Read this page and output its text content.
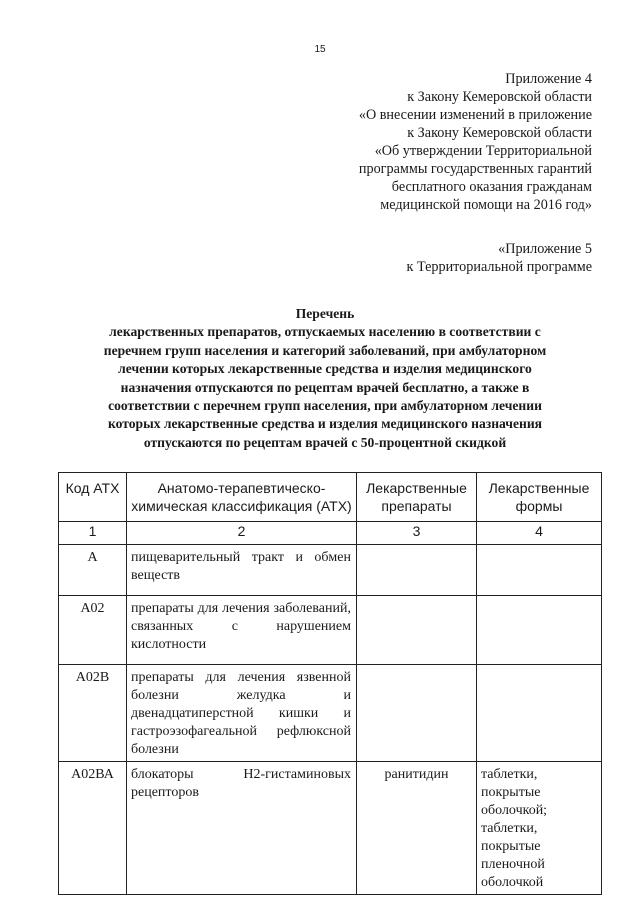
15
Приложение 4
к Закону Кемеровской области
«О внесении изменений в приложение
к Закону Кемеровской области
«Об утверждении Территориальной
программы государственных гарантий
бесплатного оказания гражданам
медицинской помощи на 2016 год»
«Приложение 5
к Территориальной программе
Перечень
лекарственных препаратов, отпускаемых населению в соответствии с
перечнем групп населения и категорий заболеваний, при амбулаторном
лечении которых лекарственные средства и изделия медицинского
назначения отпускаются по рецептам врачей бесплатно, а также в
соответствии с перечнем групп населения, при амбулаторном лечении
которых лекарственные средства и изделия медицинского назначения
отпускаются по рецептам врачей с 50-процентной скидкой
Код АТХ	Анатомо-терапевтическо-химическая классификация (АТХ)	Лекарственные препараты	Лекарственные формы

1	2	3	4
А	пищеварительный тракт и обмен веществ		
А02	препараты для лечения заболеваний, связанных с нарушением кислотности		
А02В	препараты для лечения язвенной болезни желудка и двенадцатиперстной кишки и гастроэзофагеальной рефлюксной болезни		
А02ВА	блокаторы Н2-гистаминовых рецепторов	ранитидин	таблетки, покрытые оболочкой; таблетки, покрытые пленочной оболочкой
